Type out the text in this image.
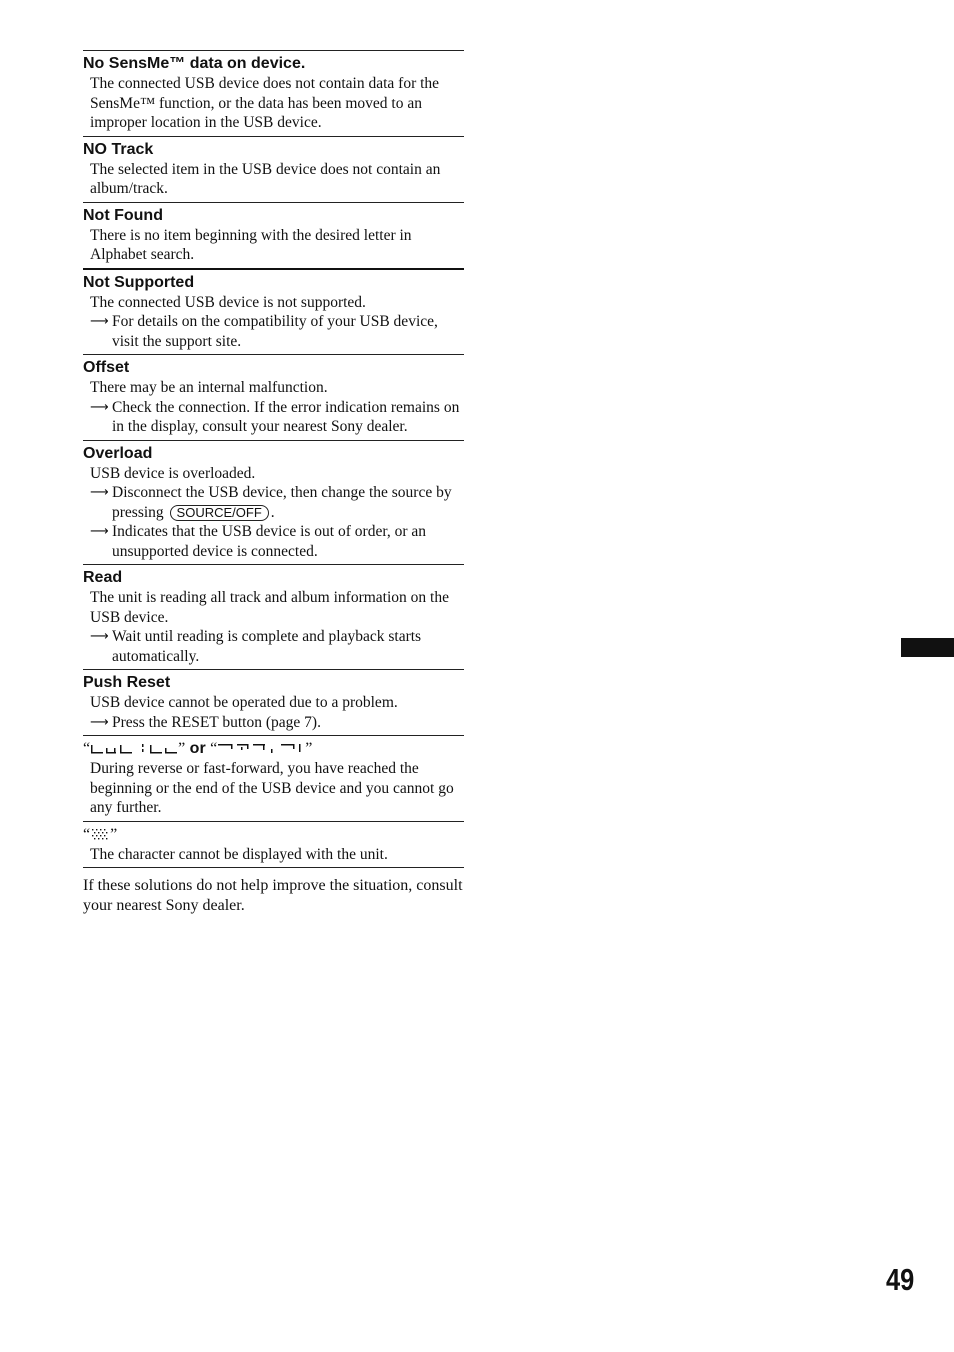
No SensMe™ data on device.
The connected USB device does not contain data for the SensMe™ function, or the data has been moved to an improper location in the USB device.
NO Track
The selected item in the USB device does not contain an album/track.
Not Found
There is no item beginning with the desired letter in Alphabet search.
Not Supported
The connected USB device is not supported.
⟶ For details on the compatibility of your USB device, visit the support site.
Offset
There may be an internal malfunction.
⟶ Check the connection. If the error indication remains on in the display, consult your nearest Sony dealer.
Overload
USB device is overloaded.
⟶ Disconnect the USB device, then change the source by pressing SOURCE/OFF .
⟶ Indicates that the USB device is out of order, or an unsupported device is connected.
Read
The unit is reading all track and album information on the USB device.
⟶ Wait until reading is complete and playback starts automatically.
Push Reset
USB device cannot be operated due to a problem.
⟶ Press the RESET button (page 7).
“	” or “	”
During reverse or fast-forward, you have reached the beginning or the end of the USB device and you cannot go any further.
“ ”
The character cannot be displayed with the unit.
If these solutions do not help improve the situation, consult your nearest Sony dealer.
49
